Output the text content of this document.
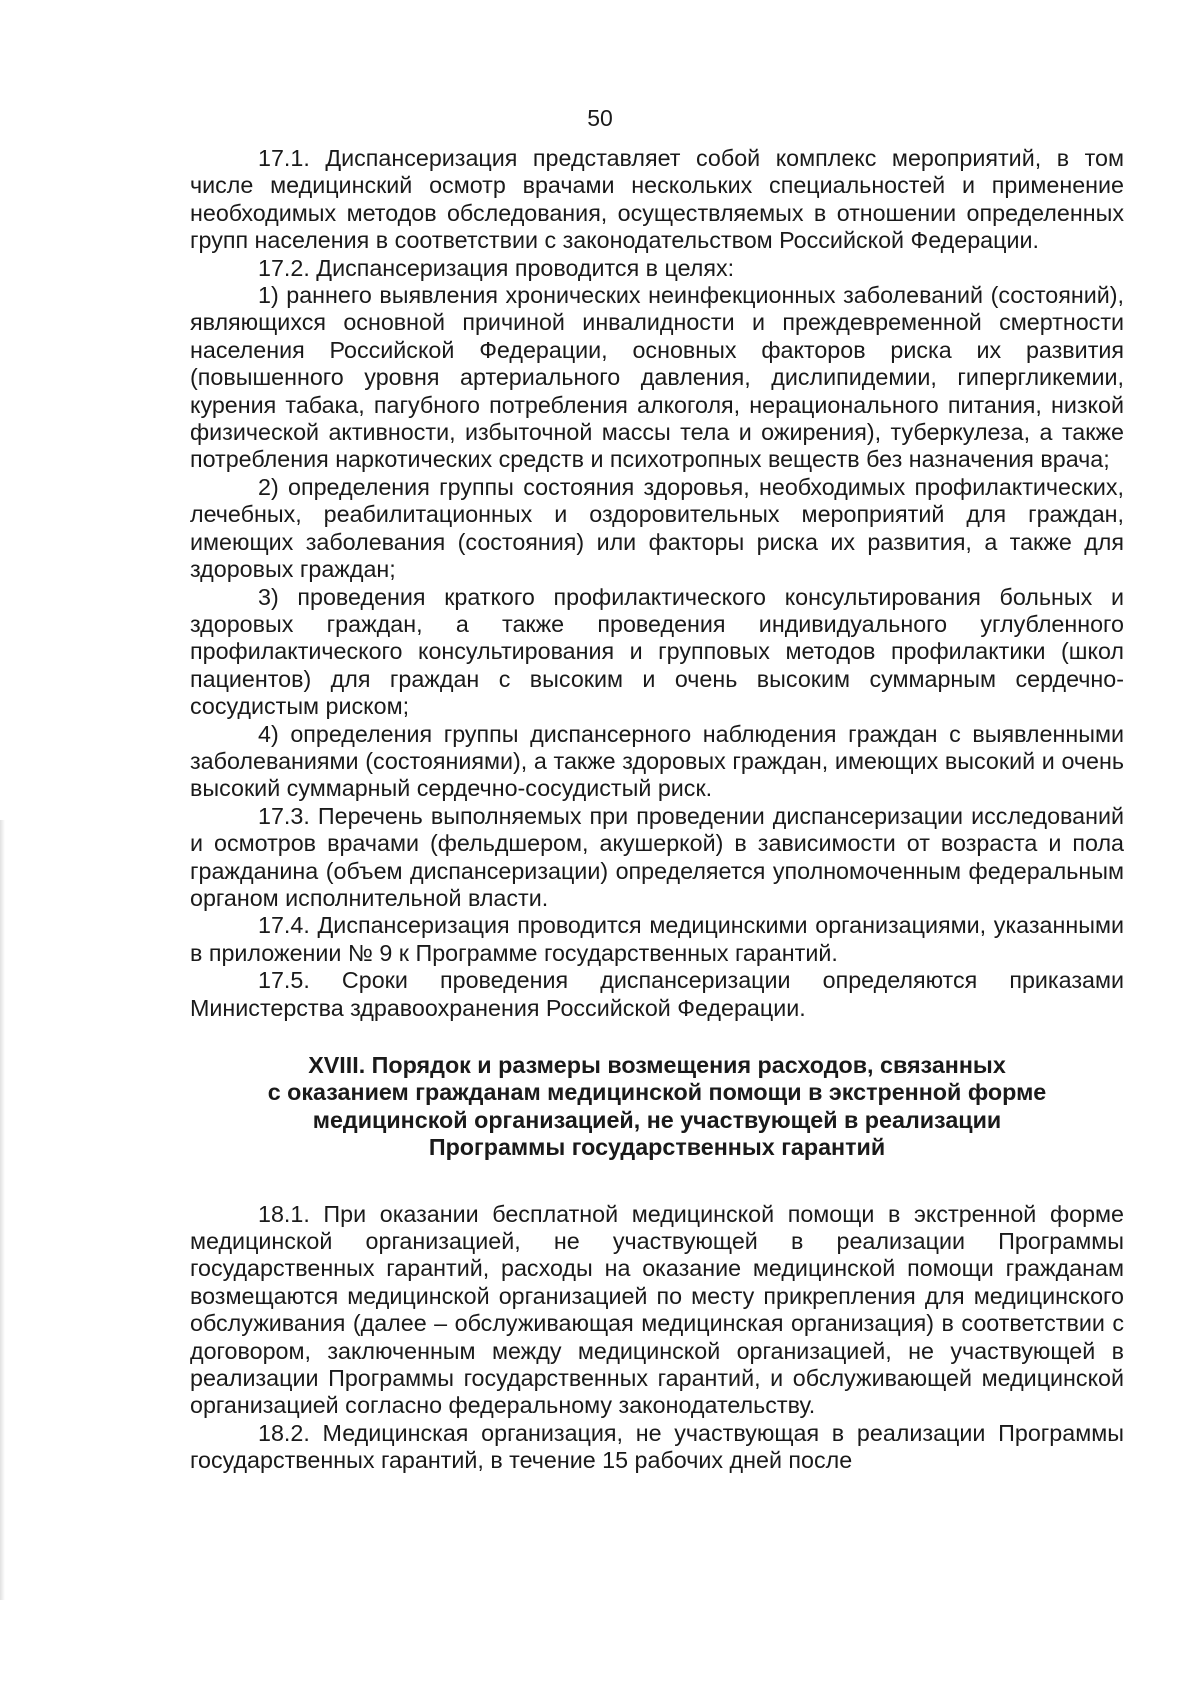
50

17.1. Диспансеризация представляет собой комплекс мероприятий, в том числе медицинский осмотр врачами нескольких специальностей и применение необходимых методов обследования, осуществляемых в отношении определенных групп населения в соответствии с законодательством Российской Федерации.

17.2. Диспансеризация проводится в целях:

1) раннего выявления хронических неинфекционных заболеваний (состояний), являющихся основной причиной инвалидности и преждевременной смертности населения Российской Федерации, основных факторов риска их развития (повышенного уровня артериального давления, дислипидемии, гипергликемии, курения табака, пагубного потребления алкоголя, нерационального питания, низкой физической активности, избыточной массы тела и ожирения), туберкулеза, а также потребления наркотических средств и психотропных веществ без назначения врача;

2) определения группы состояния здоровья, необходимых профилактических, лечебных, реабилитационных и оздоровительных мероприятий для граждан, имеющих заболевания (состояния) или факторы риска их развития, а также для здоровых граждан;

3) проведения краткого профилактического консультирования больных и здоровых граждан, а также проведения индивидуального углубленного профилактического консультирования и групповых методов профилактики (школ пациентов) для граждан с высоким и очень высоким суммарным сердечно-сосудистым риском;

4) определения группы диспансерного наблюдения граждан с выявленными заболеваниями (состояниями), а также здоровых граждан, имеющих высокий и очень высокий суммарный сердечно-сосудистый риск.

17.3. Перечень выполняемых при проведении диспансеризации исследований и осмотров врачами (фельдшером, акушеркой) в зависимости от возраста и пола гражданина (объем диспансеризации) определяется уполномоченным федеральным органом исполнительной власти.

17.4. Диспансеризация проводится медицинскими организациями, указанными в приложении № 9 к Программе государственных гарантий.

17.5. Сроки проведения диспансеризации определяются приказами Министерства здравоохранения Российской Федерации.

XVIII. Порядок и размеры возмещения расходов, связанных
с оказанием гражданам медицинской помощи в экстренной форме
медицинской организацией, не участвующей в реализации
Программы государственных гарантий

18.1. При оказании бесплатной медицинской помощи в экстренной форме медицинской организацией, не участвующей в реализации Программы государственных гарантий, расходы на оказание медицинской помощи гражданам возмещаются медицинской организацией по месту прикрепления для медицинского обслуживания (далее – обслуживающая медицинская организация) в соответствии с договором, заключенным между медицинской организацией, не участвующей в реализации Программы государственных гарантий, и обслуживающей медицинской организацией согласно федеральному законодательству.

18.2. Медицинская организация, не участвующая в реализации Программы государственных гарантий, в течение 15 рабочих дней после
